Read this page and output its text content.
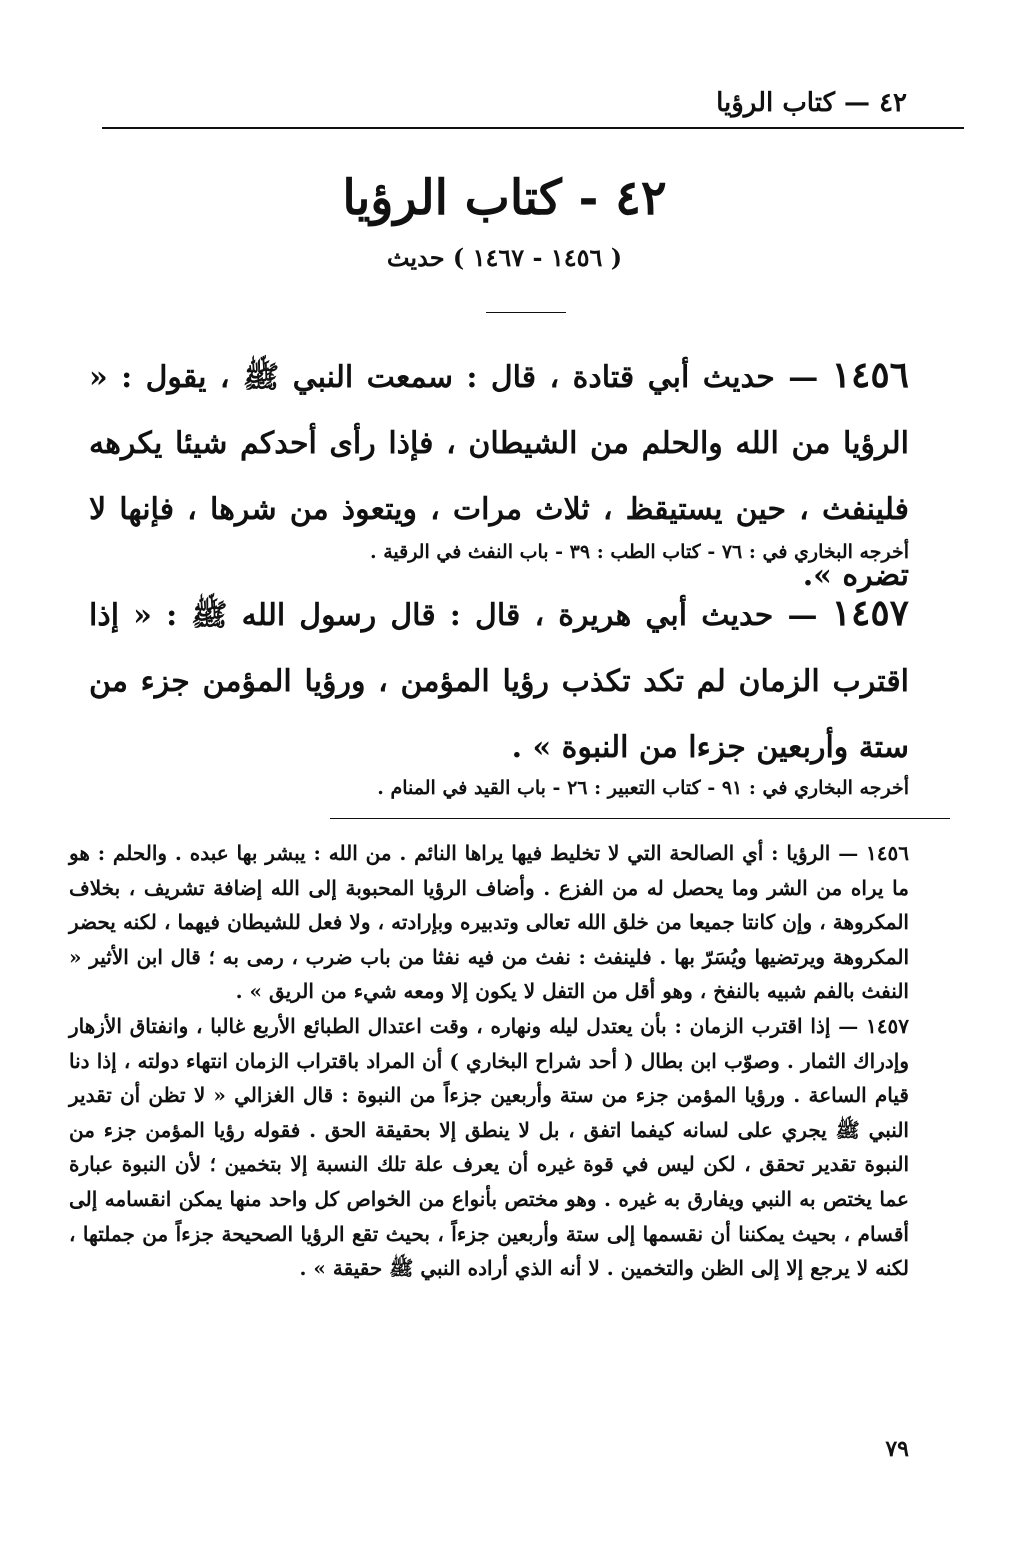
٤٢ — كتاب الرؤيا
٤٢ - كتاب الرؤيا
( ١٤٥٦ - ١٤٦٧ ) حديث
١٤٥٦ — حديث أبي قتادة ، قال : سمعت النبي ﷺ ، يقول : « الرؤيا من الله والحلم من الشيطان ، فإذا رأى أحدكم شيئا يكرهه فلينفث ، حين يستيقظ ، ثلاث مرات ، ويتعوذ من شرها ، فإنها لا تضره ».
أخرجه البخاري في : ٧٦ - كتاب الطب : ٣٩ - باب النفث في الرقية .
١٤٥٧ — حديث أبي هريرة ، قال : قال رسول الله ﷺ : « إذا اقترب الزمان لم تكد تكذب رؤيا المؤمن ، ورؤيا المؤمن جزء من ستة وأربعين جزءا من النبوة » .
أخرجه البخاري في : ٩١ - كتاب التعبير : ٢٦ - باب القيد في المنام .

١٤٥٦ — الرؤيا : أي الصالحة التي لا تخليط فيها يراها النائم . من الله : يبشر بها عبده . والحلم : هو ما يراه من الشر وما يحصل له من الفزع . وأضاف الرؤيا المحبوبة إلى الله إضافة تشريف ، بخلاف المكروهة ، وإن كانتا جميعا من خلق الله تعالى وتدبيره وبإرادته ، ولا فعل للشيطان فيهما ، لكنه يحضر المكروهة ويرتضيها ويُسَرّ بها . فلينفث : نفث من فيه نفثا من باب ضرب ، رمى به ؛ قال ابن الأثير « النفث بالفم شبيه بالنفخ ، وهو أقل من التفل لا يكون إلا ومعه شيء من الريق » .

١٤٥٧ — إذا اقترب الزمان : بأن يعتدل ليله ونهاره ، وقت اعتدال الطبائع الأربع غالبا ، وانفتاق الأزهار وإدراك الثمار . وصوّب ابن بطال ( أحد شراح البخاري ) أن المراد باقتراب الزمان انتهاء دولته ، إذا دنا قيام الساعة . ورؤيا المؤمن جزء من ستة وأربعين جزءاً من النبوة : قال الغزالي « لا تظن أن تقدير النبي ﷺ يجري على لسانه كيفما اتفق ، بل لا ينطق إلا بحقيقة الحق . فقوله رؤيا المؤمن جزء من النبوة تقدير تحقق ، لكن ليس في قوة غيره أن يعرف علة تلك النسبة إلا بتخمين ؛ لأن النبوة عبارة عما يختص به النبي ويفارق به غيره . وهو مختص بأنواع من الخواص كل واحد منها يمكن انقسامه إلى أقسام ، بحيث يمكننا أن نقسمها إلى ستة وأربعين جزءاً ، بحيث تقع الرؤيا الصحيحة جزءاً من جملتها ، لكنه لا يرجع إلا إلى الظن والتخمين . لا أنه الذي أراده النبي ﷺ حقيقة » .

٧٩
